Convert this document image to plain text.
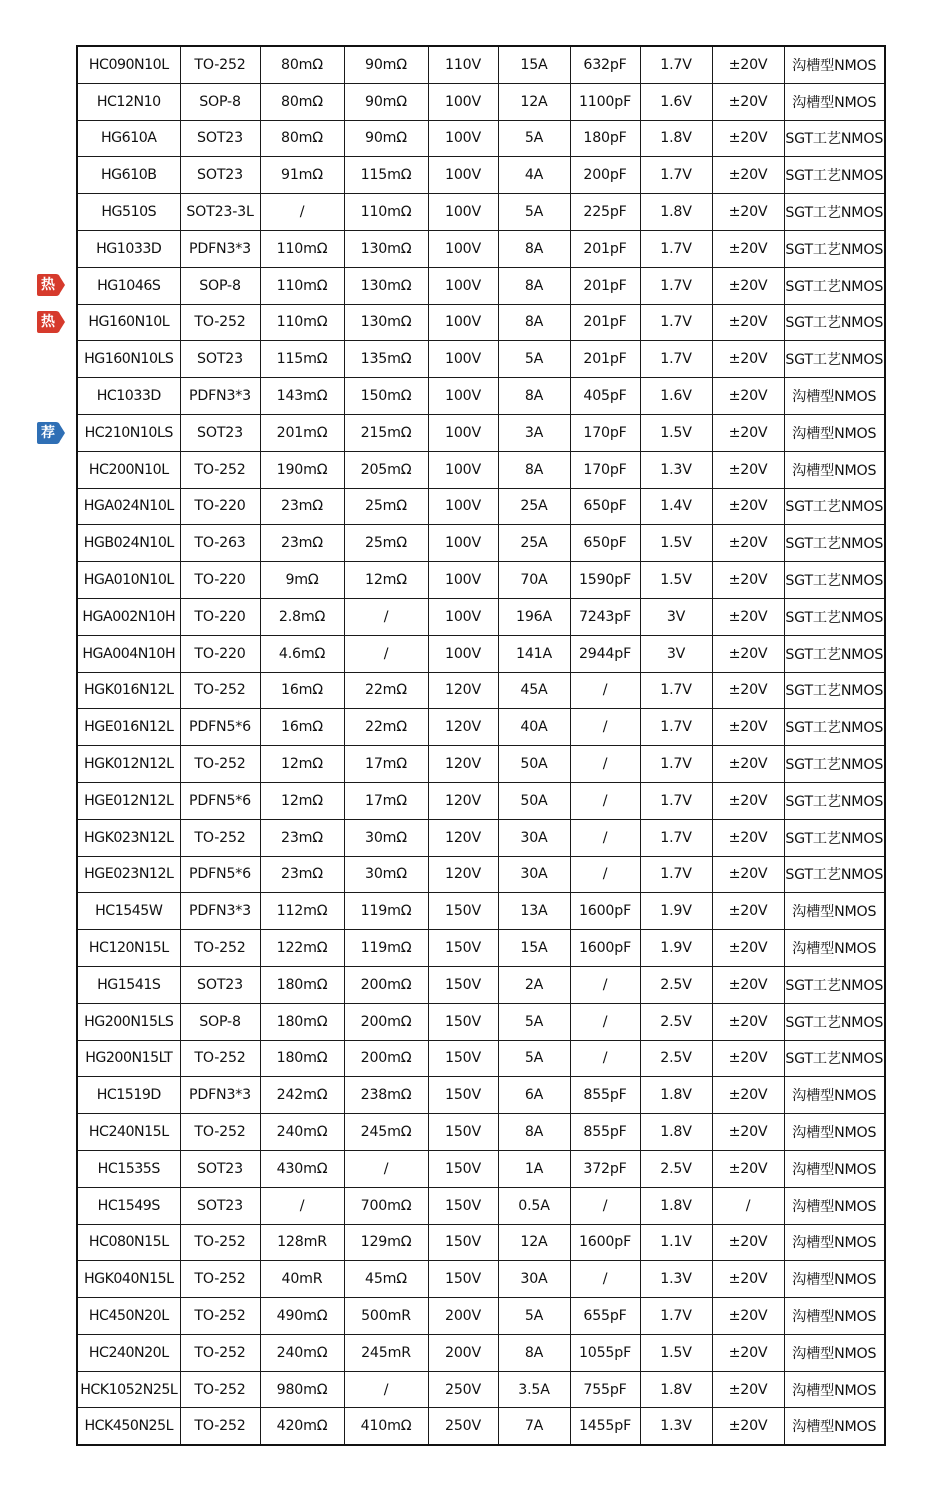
热
热
荐
HC090N10L	TO-252	80mΩ	90mΩ	110V	15A	632pF	1.7V	±20V	沟槽型NMOS
HC12N10	SOP-8	80mΩ	90mΩ	100V	12A	1100pF	1.6V	±20V	沟槽型NMOS
HG610A	SOT23	80mΩ	90mΩ	100V	5A	180pF	1.8V	±20V	SGT工艺NMOS
HG610B	SOT23	91mΩ	115mΩ	100V	4A	200pF	1.7V	±20V	SGT工艺NMOS
HG510S	SOT23-3L	/	110mΩ	100V	5A	225pF	1.8V	±20V	SGT工艺NMOS
HG1033D	PDFN3*3	110mΩ	130mΩ	100V	8A	201pF	1.7V	±20V	SGT工艺NMOS
HG1046S	SOP-8	110mΩ	130mΩ	100V	8A	201pF	1.7V	±20V	SGT工艺NMOS
HG160N10L	TO-252	110mΩ	130mΩ	100V	8A	201pF	1.7V	±20V	SGT工艺NMOS
HG160N10LS	SOT23	115mΩ	135mΩ	100V	5A	201pF	1.7V	±20V	SGT工艺NMOS
HC1033D	PDFN3*3	143mΩ	150mΩ	100V	8A	405pF	1.6V	±20V	沟槽型NMOS
HC210N10LS	SOT23	201mΩ	215mΩ	100V	3A	170pF	1.5V	±20V	沟槽型NMOS
HC200N10L	TO-252	190mΩ	205mΩ	100V	8A	170pF	1.3V	±20V	沟槽型NMOS
HGA024N10L	TO-220	23mΩ	25mΩ	100V	25A	650pF	1.4V	±20V	SGT工艺NMOS
HGB024N10L	TO-263	23mΩ	25mΩ	100V	25A	650pF	1.5V	±20V	SGT工艺NMOS
HGA010N10L	TO-220	9mΩ	12mΩ	100V	70A	1590pF	1.5V	±20V	SGT工艺NMOS
HGA002N10H	TO-220	2.8mΩ	/	100V	196A	7243pF	3V	±20V	SGT工艺NMOS
HGA004N10H	TO-220	4.6mΩ	/	100V	141A	2944pF	3V	±20V	SGT工艺NMOS
HGK016N12L	TO-252	16mΩ	22mΩ	120V	45A	/	1.7V	±20V	SGT工艺NMOS
HGE016N12L	PDFN5*6	16mΩ	22mΩ	120V	40A	/	1.7V	±20V	SGT工艺NMOS
HGK012N12L	TO-252	12mΩ	17mΩ	120V	50A	/	1.7V	±20V	SGT工艺NMOS
HGE012N12L	PDFN5*6	12mΩ	17mΩ	120V	50A	/	1.7V	±20V	SGT工艺NMOS
HGK023N12L	TO-252	23mΩ	30mΩ	120V	30A	/	1.7V	±20V	SGT工艺NMOS
HGE023N12L	PDFN5*6	23mΩ	30mΩ	120V	30A	/	1.7V	±20V	SGT工艺NMOS
HC1545W	PDFN3*3	112mΩ	119mΩ	150V	13A	1600pF	1.9V	±20V	沟槽型NMOS
HC120N15L	TO-252	122mΩ	119mΩ	150V	15A	1600pF	1.9V	±20V	沟槽型NMOS
HG1541S	SOT23	180mΩ	200mΩ	150V	2A	/	2.5V	±20V	SGT工艺NMOS
HG200N15LS	SOP-8	180mΩ	200mΩ	150V	5A	/	2.5V	±20V	SGT工艺NMOS
HG200N15LT	TO-252	180mΩ	200mΩ	150V	5A	/	2.5V	±20V	SGT工艺NMOS
HC1519D	PDFN3*3	242mΩ	238mΩ	150V	6A	855pF	1.8V	±20V	沟槽型NMOS
HC240N15L	TO-252	240mΩ	245mΩ	150V	8A	855pF	1.8V	±20V	沟槽型NMOS
HC1535S	SOT23	430mΩ	/	150V	1A	372pF	2.5V	±20V	沟槽型NMOS
HC1549S	SOT23	/	700mΩ	150V	0.5A	/	1.8V	/	沟槽型NMOS
HC080N15L	TO-252	128mR	129mΩ	150V	12A	1600pF	1.1V	±20V	沟槽型NMOS
HGK040N15L	TO-252	40mR	45mΩ	150V	30A	/	1.3V	±20V	沟槽型NMOS
HC450N20L	TO-252	490mΩ	500mR	200V	5A	655pF	1.7V	±20V	沟槽型NMOS
HC240N20L	TO-252	240mΩ	245mR	200V	8A	1055pF	1.5V	±20V	沟槽型NMOS
HCK1052N25L	TO-252	980mΩ	/	250V	3.5A	755pF	1.8V	±20V	沟槽型NMOS
HCK450N25L	TO-252	420mΩ	410mΩ	250V	7A	1455pF	1.3V	±20V	沟槽型NMOS
